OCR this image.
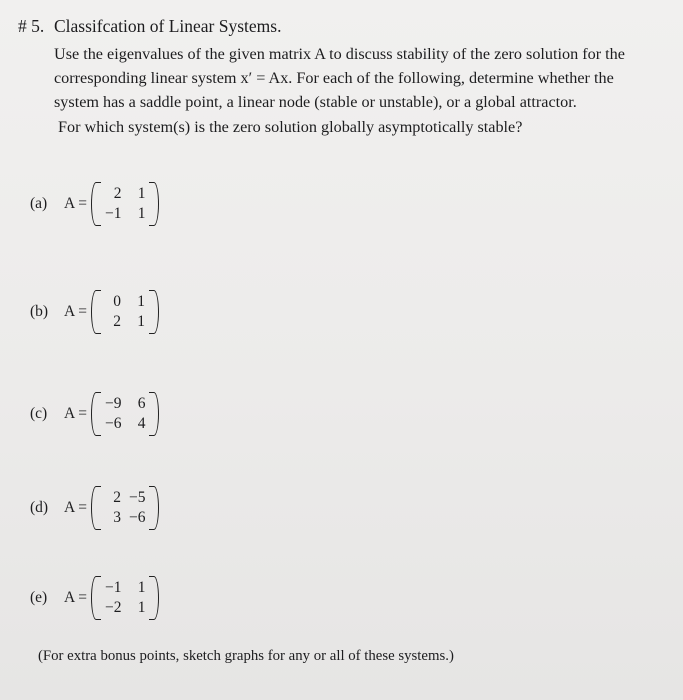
# 5. Classifcation of Linear Systems.
Use the eigenvalues of the given matrix A to discuss stability of the zero solution for the
corresponding linear system x′ = Ax. For each of the following, determine whether the
system has a saddle point, a linear node (stable or unstable), or a global attractor.
For which system(s) is the zero solution globally asymptotically stable?
(a)	A =
2	1
−1	1
(b)	A =
0	1
2	1
(c)	A =
−9	6
−6	4
(d)	A =
2	−5
3	−6
(e)	A =
−1	1
−2	1
(For extra bonus points, sketch graphs for any or all of these systems.)
